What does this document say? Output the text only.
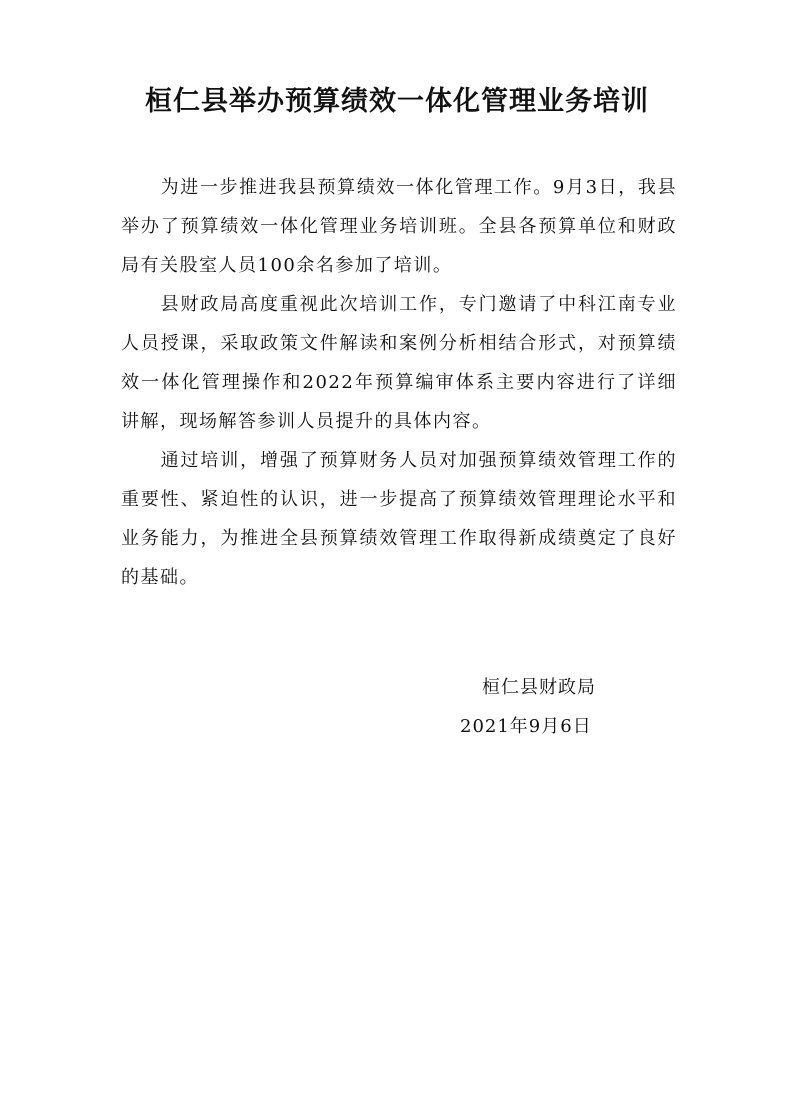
桓仁县举办预算绩效一体化管理业务培训

为进一步推进我县预算绩效一体化管理工作。9月3日，我县举办了预算绩效一体化管理业务培训班。全县各预算单位和财政局有关股室人员100余名参加了培训。

县财政局高度重视此次培训工作，专门邀请了中科江南专业人员授课，采取政策文件解读和案例分析相结合形式，对预算绩效一体化管理操作和2022年预算编审体系主要内容进行了详细讲解，现场解答参训人员提升的具体内容。

通过培训，增强了预算财务人员对加强预算绩效管理工作的重要性、紧迫性的认识，进一步提高了预算绩效管理理论水平和业务能力，为推进全县预算绩效管理工作取得新成绩奠定了良好的基础。

桓仁县财政局
2021年9月6日
